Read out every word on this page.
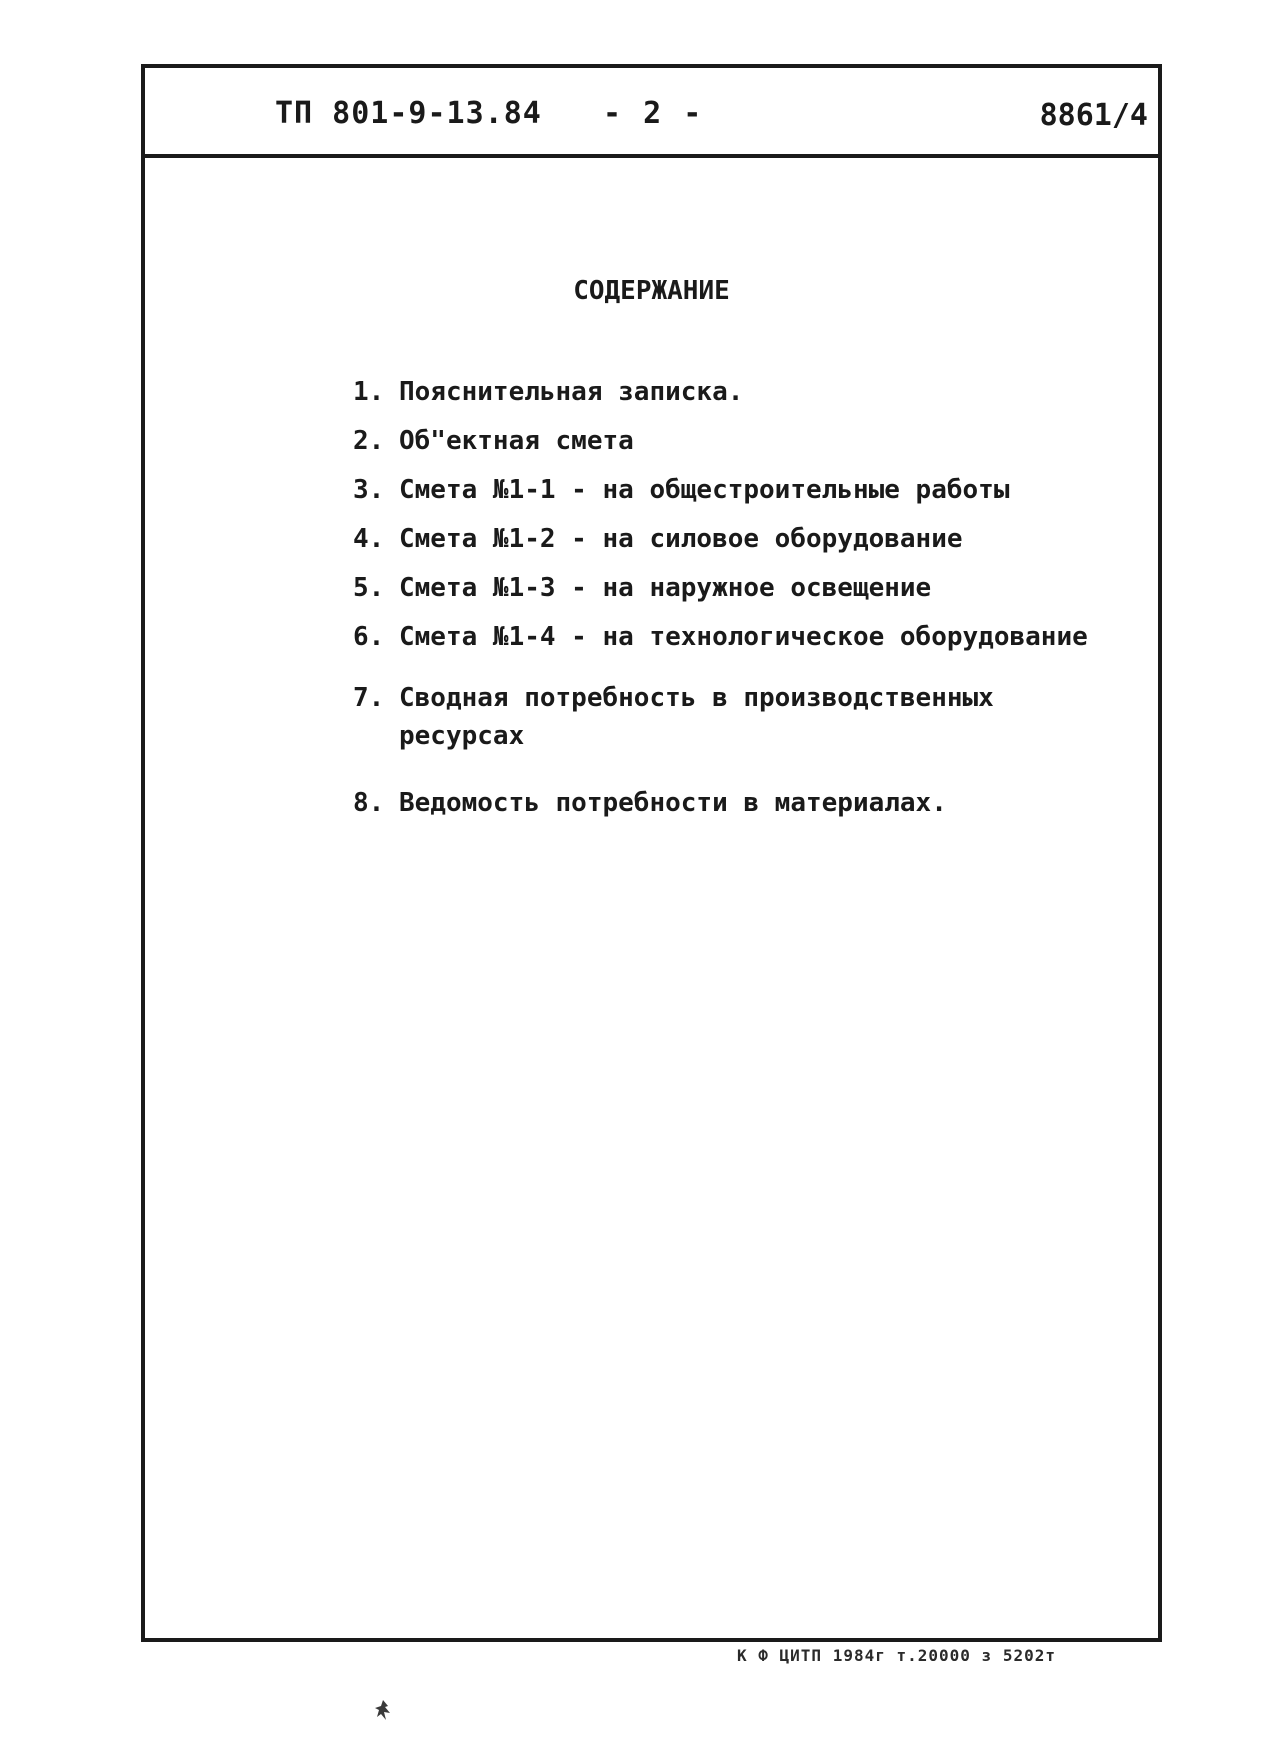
ТП 801-9-13.84 - 2 -	8861/4
СОДЕРЖАНИЕ
1. Пояснительная записка.
2. Об"ектная смета
3. Смета №1-1 - на общестроительные работы
4. Смета №1-2 - на силовое оборудование
5. Смета №1-3 - на наружное освещение
6. Смета №1-4 - на технологическое оборудование
7. Сводная потребность в производственных ресурсах
8. Ведомость потребности в материалах.
К Ф ЦИТП 1984г т.20000 з 5202т
